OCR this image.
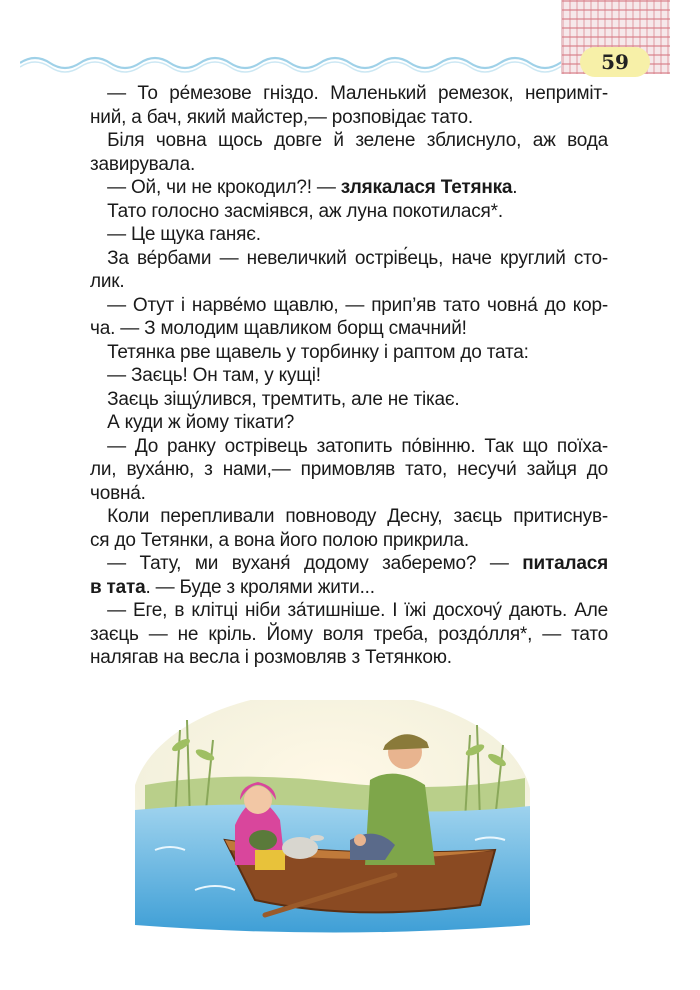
59

— То ре́мезове гніздо. Маленький ремезок, неприміт-

ний, а бач, який майстер,— розповідає тато.

Біля човна щось довге й зелене зблиснуло, аж вода

завирувала.

— Ой, чи не крокодил?! — злякалася Тетянка.

Тато голосно засміявся, аж луна покотилася*.

— Це щука ганяє.

За ве́рбами — невеличкий острів́ець, наче круглий сто-

лик.

— Отут і нарве́мо щавлю, — прип’яв тато човна́ до кор-

ча. — З молодим щавликом борщ смачний!

Тетянка рве щавель у торбинку і раптом до тата:

— Заєць! Он там, у кущі!

Заєць зіщу́лився, тремтить, але не тікає.

А куди ж йому тікати?

— До ранку острівець затопить по́вінню. Так що поїха-

ли, вуха́ню, з нами,— примовляв тато, несучи́ зайця до

човна́.

Коли перепливали повноводу Десну, заєць притиснув-

ся до Тетянки, а вона його полою прикрила.

— Тату, ми вуханя́ додому заберемо? — питалася

в тата. — Буде з кролями жити...

— Еге, в клітці ніби за́тишніше. І їжі досхочу́ дають. Але

заєць — не кріль. Йому воля треба, роздо́лля*, — тато

налягав на весла і розмовляв з Тетянкою.
